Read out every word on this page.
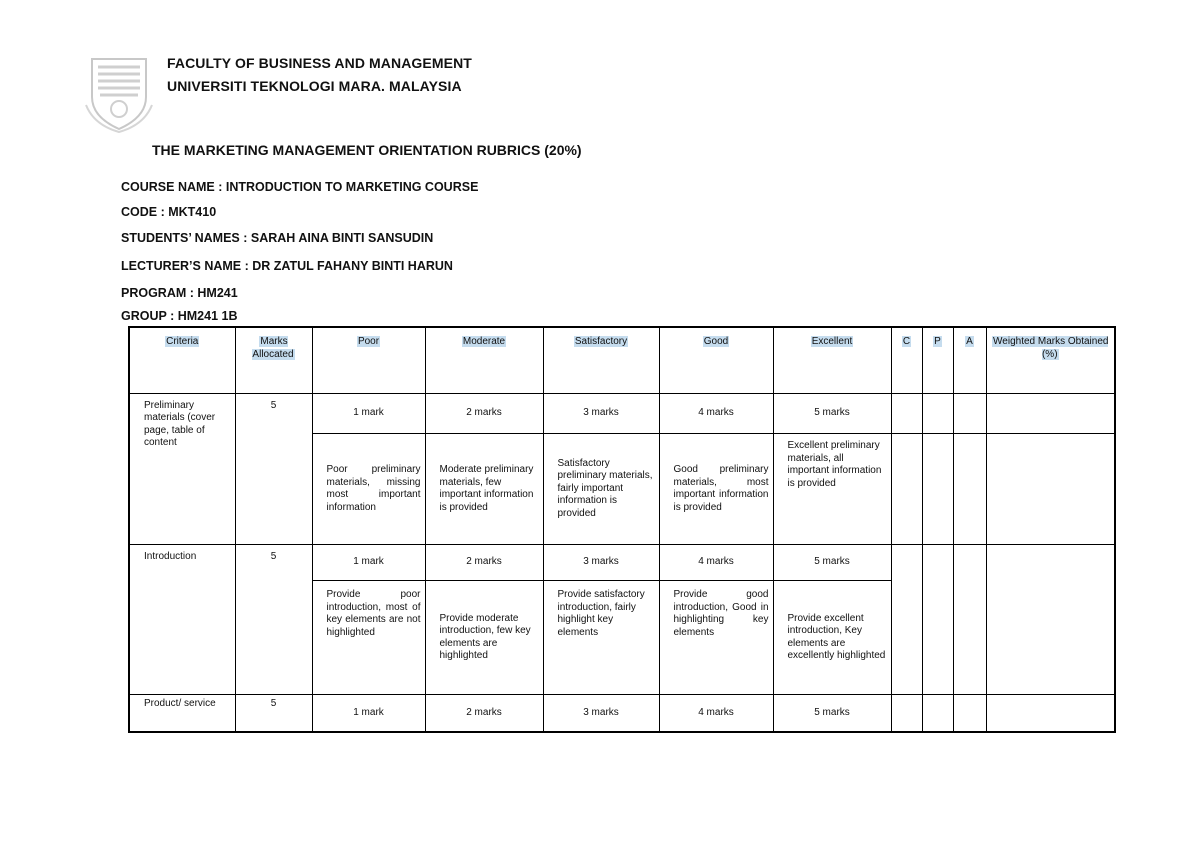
FACULTY OF BUSINESS AND MANAGEMENT
UNIVERSITI TEKNOLOGI MARA. MALAYSIA
THE MARKETING MANAGEMENT ORIENTATION RUBRICS (20%)
COURSE NAME : INTRODUCTION TO MARKETING COURSE
CODE : MKT410
STUDENTS’ NAMES : SARAH AINA BINTI SANSUDIN
LECTURER’S NAME : DR ZATUL FAHANY BINTI HARUN
PROGRAM : HM241
GROUP : HM241 1B
Criteria	Marks Allocated	Poor	Moderate	Satisfactory	Good	Excellent	C	P	A	Weighted Marks Obtained (%)
Preliminary materials (cover page, table of content	5	1 mark	2 marks	3 marks	4 marks	5 marks				
		Poor preliminary materials, missing most important information	Moderate preliminary materials, few important information is provided	Satisfactory preliminary materials, fairly important information is provided	Good preliminary materials, most important information is provided	Excellent preliminary materials, all important information is provided				
Introduction	5	1 mark	2 marks	3 marks	4 marks	5 marks				
		Provide poor introduction, most of key elements are not highlighted	Provide moderate introduction, few key elements are highlighted	Provide satisfactory introduction, fairly highlight key elements	Provide good introduction, Good in highlighting key elements	Provide excellent introduction, Key elements are excellently highlighted				
Product/ service	5	1 mark	2 marks	3 marks	4 marks	5 marks				
